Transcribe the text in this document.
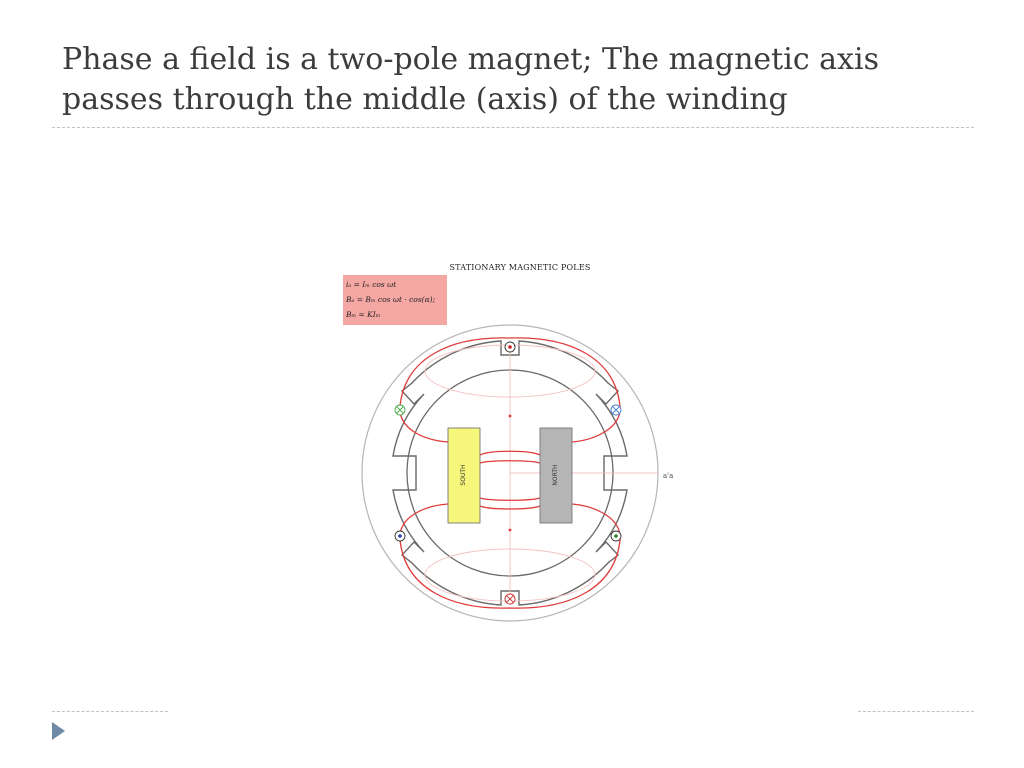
Phase a field is a two-pole magnet; The magnetic axis passes through the middle (axis) of the winding
STATIONARY MAGNETIC POLES
iₐ = Iₘ cos ωt
Bₐ = Bₘ cos ωt · cos(α);
Bₘ = KIₘ
SOUTH	NORTH	a'a
